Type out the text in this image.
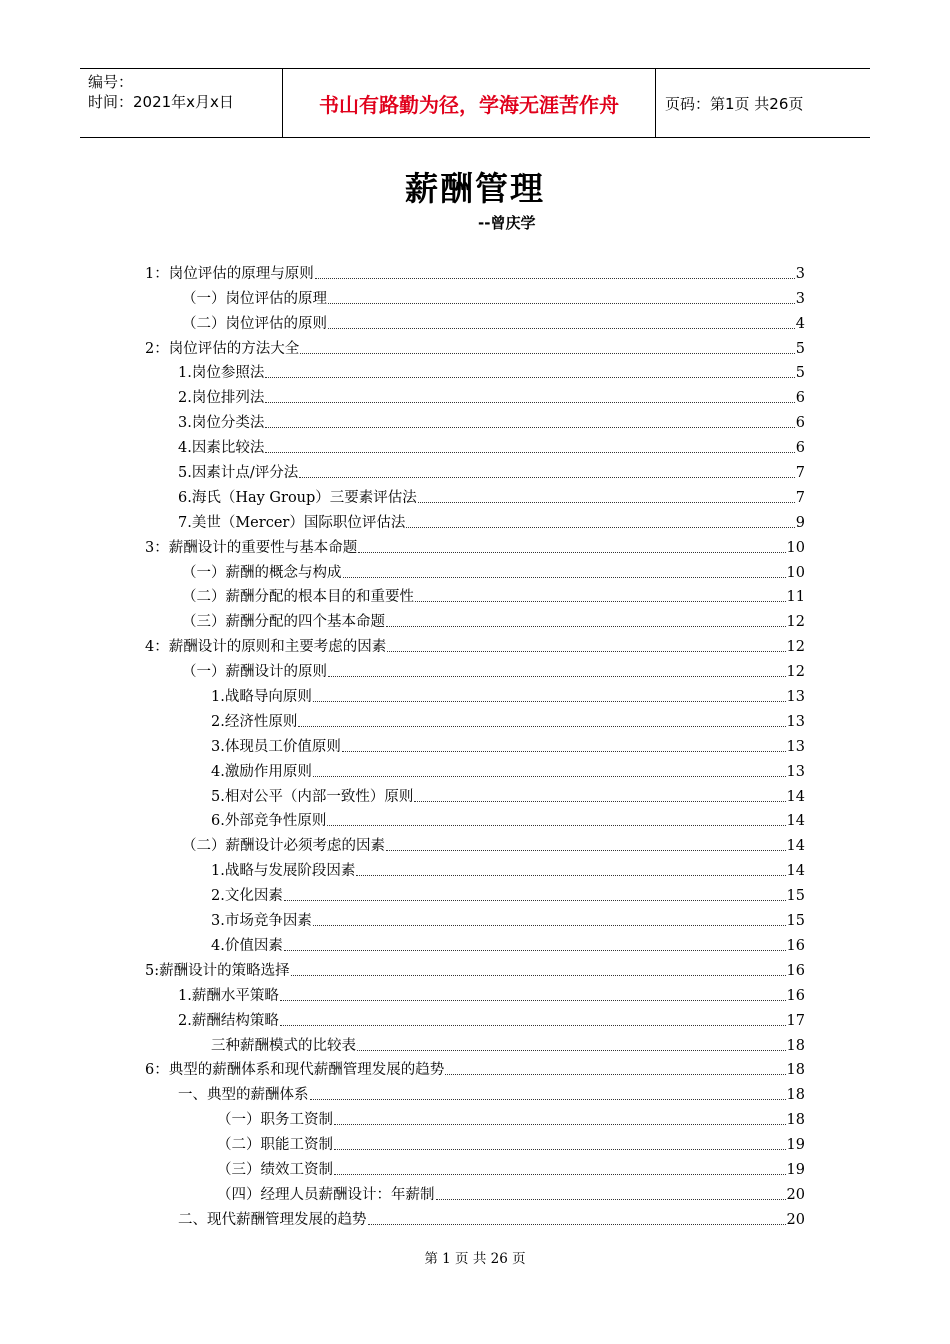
编号：
时间：2021年x月x日	书山有路勤为径，学海无涯苦作舟	页码：第1页 共26页
薪酬管理
--曾庆学
1：岗位评估的原理与原则	3
（一）岗位评估的原理	3
（二）岗位评估的原则	4
2：岗位评估的方法大全	5
1.岗位参照法	5
2.岗位排列法	6
3.岗位分类法	6
4.因素比较法	6
5.因素计点/评分法	7
6.海氏（Hay Group）三要素评估法	7
7.美世（Mercer）国际职位评估法	9
3：薪酬设计的重要性与基本命题	10
（一）薪酬的概念与构成	10
（二）薪酬分配的根本目的和重要性	11
（三）薪酬分配的四个基本命题	12
4：薪酬设计的原则和主要考虑的因素	12
（一）薪酬设计的原则	12
1.战略导向原则	13
2.经济性原则	13
3.体现员工价值原则	13
4.激励作用原则	13
5.相对公平（内部一致性）原则	14
6.外部竞争性原则	14
（二）薪酬设计必须考虑的因素	14
1.战略与发展阶段因素	14
2.文化因素	15
3.市场竞争因素	15
4.价值因素	16
5:薪酬设计的策略选择	16
1.薪酬水平策略	16
2.薪酬结构策略	17
三种薪酬模式的比较表	18
6：典型的薪酬体系和现代薪酬管理发展的趋势	18
一、典型的薪酬体系	18
（一）职务工资制	18
（二）职能工资制	19
（三）绩效工资制	19
（四）经理人员薪酬设计：年薪制	20
二、现代薪酬管理发展的趋势	20
第 1 页 共 26 页
